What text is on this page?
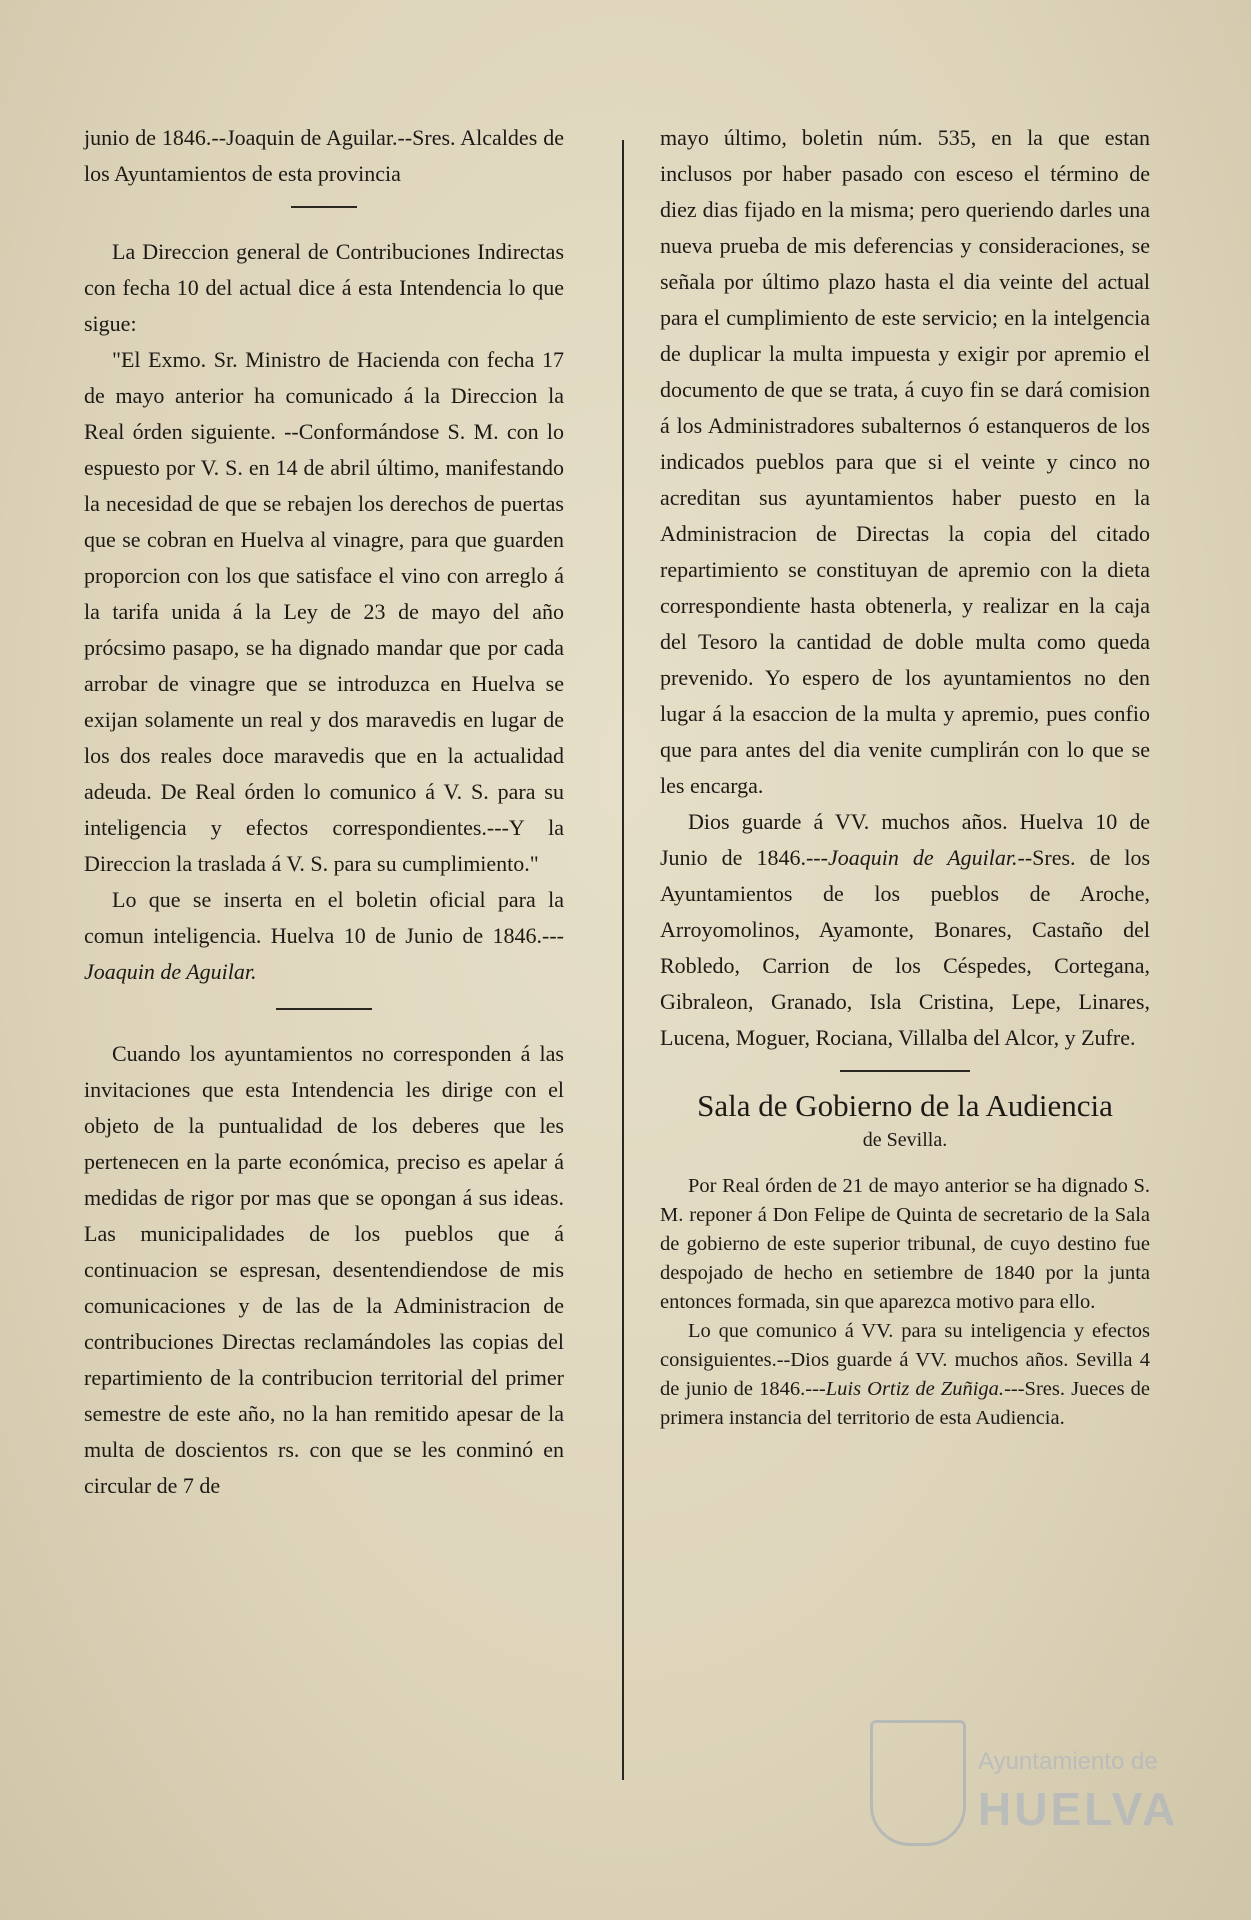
junio de 1846.--Joaquin de Aguilar.--Sres. Alcaldes de los Ayuntamientos de esta provincia

La Direccion general de Contribuciones Indirectas con fecha 10 del actual dice á esta Intendencia lo que sigue:

"El Exmo. Sr. Ministro de Hacienda con fecha 17 de mayo anterior ha comunicado á la Direccion la Real órden siguiente. --Conformándose S. M. con lo espuesto por V. S. en 14 de abril último, manifestando la necesidad de que se rebajen los derechos de puertas que se cobran en Huelva al vinagre, para que guarden proporcion con los que satisface el vino con arreglo á la tarifa unida á la Ley de 23 de mayo del año prócsimo pasapo, se ha dignado mandar que por cada arrobar de vinagre que se introduzca en Huelva se exijan solamente un real y dos maravedis en lugar de los dos reales doce maravedis que en la actualidad adeuda. De Real órden lo comunico á V. S. para su inteligencia y efectos correspondientes.---Y la Direccion la traslada á V. S. para su cumplimiento."

Lo que se inserta en el boletin oficial para la comun inteligencia. Huelva 10 de Junio de 1846.---Joaquin de Aguilar.

Cuando los ayuntamientos no corresponden á las invitaciones que esta Intendencia les dirige con el objeto de la puntualidad de los deberes que les pertenecen en la parte económica, preciso es apelar á medidas de rigor por mas que se opongan á sus ideas. Las municipalidades de los pueblos que á continuacion se espresan, desentendiendose de mis comunicaciones y de las de la Administracion de contribuciones Directas reclamándoles las copias del repartimiento de la contribucion territorial del primer semestre de este año, no la han remitido apesar de la multa de doscientos rs. con que se les conminó en circular de 7 de

mayo último, boletin núm. 535, en la que estan inclusos por haber pasado con esceso el término de diez dias fijado en la misma; pero queriendo darles una nueva prueba de mis deferencias y consideraciones, se señala por último plazo hasta el dia veinte del actual para el cumplimiento de este servicio; en la intelgencia de duplicar la multa impuesta y exigir por apremio el documento de que se trata, á cuyo fin se dará comision á los Administradores subalternos ó estanqueros de los indicados pueblos para que si el veinte y cinco no acreditan sus ayuntamientos haber puesto en la Administracion de Directas la copia del citado repartimiento se constituyan de apremio con la dieta correspondiente hasta obtenerla, y realizar en la caja del Tesoro la cantidad de doble multa como queda prevenido. Yo espero de los ayuntamientos no den lugar á la esaccion de la multa y apremio, pues confio que para antes del dia venite cumplirán con lo que se les encarga.

Dios guarde á VV. muchos años. Huelva 10 de Junio de 1846.---Joaquin de Aguilar.--Sres. de los Ayuntamientos de los pueblos de Aroche, Arroyomolinos, Ayamonte, Bonares, Castaño del Robledo, Carrion de los Céspedes, Cortegana, Gibraleon, Granado, Isla Cristina, Lepe, Linares, Lucena, Moguer, Rociana, Villalba del Alcor, y Zufre.

Sala de Gobierno de la Audiencia
de Sevilla.

Por Real órden de 21 de mayo anterior se ha dignado S. M. reponer á Don Felipe de Quinta de secretario de la Sala de gobierno de este superior tribunal, de cuyo destino fue despojado de hecho en setiembre de 1840 por la junta entonces formada, sin que aparezca motivo para ello.

Lo que comunico á VV. para su inteligencia y efectos consiguientes.--Dios guarde á VV. muchos años. Sevilla 4 de junio de 1846.---Luis Ortiz de Zuñiga.---Sres. Jueces de primera instancia del territorio de esta Audiencia.

Ayuntamiento de
HUELVA
